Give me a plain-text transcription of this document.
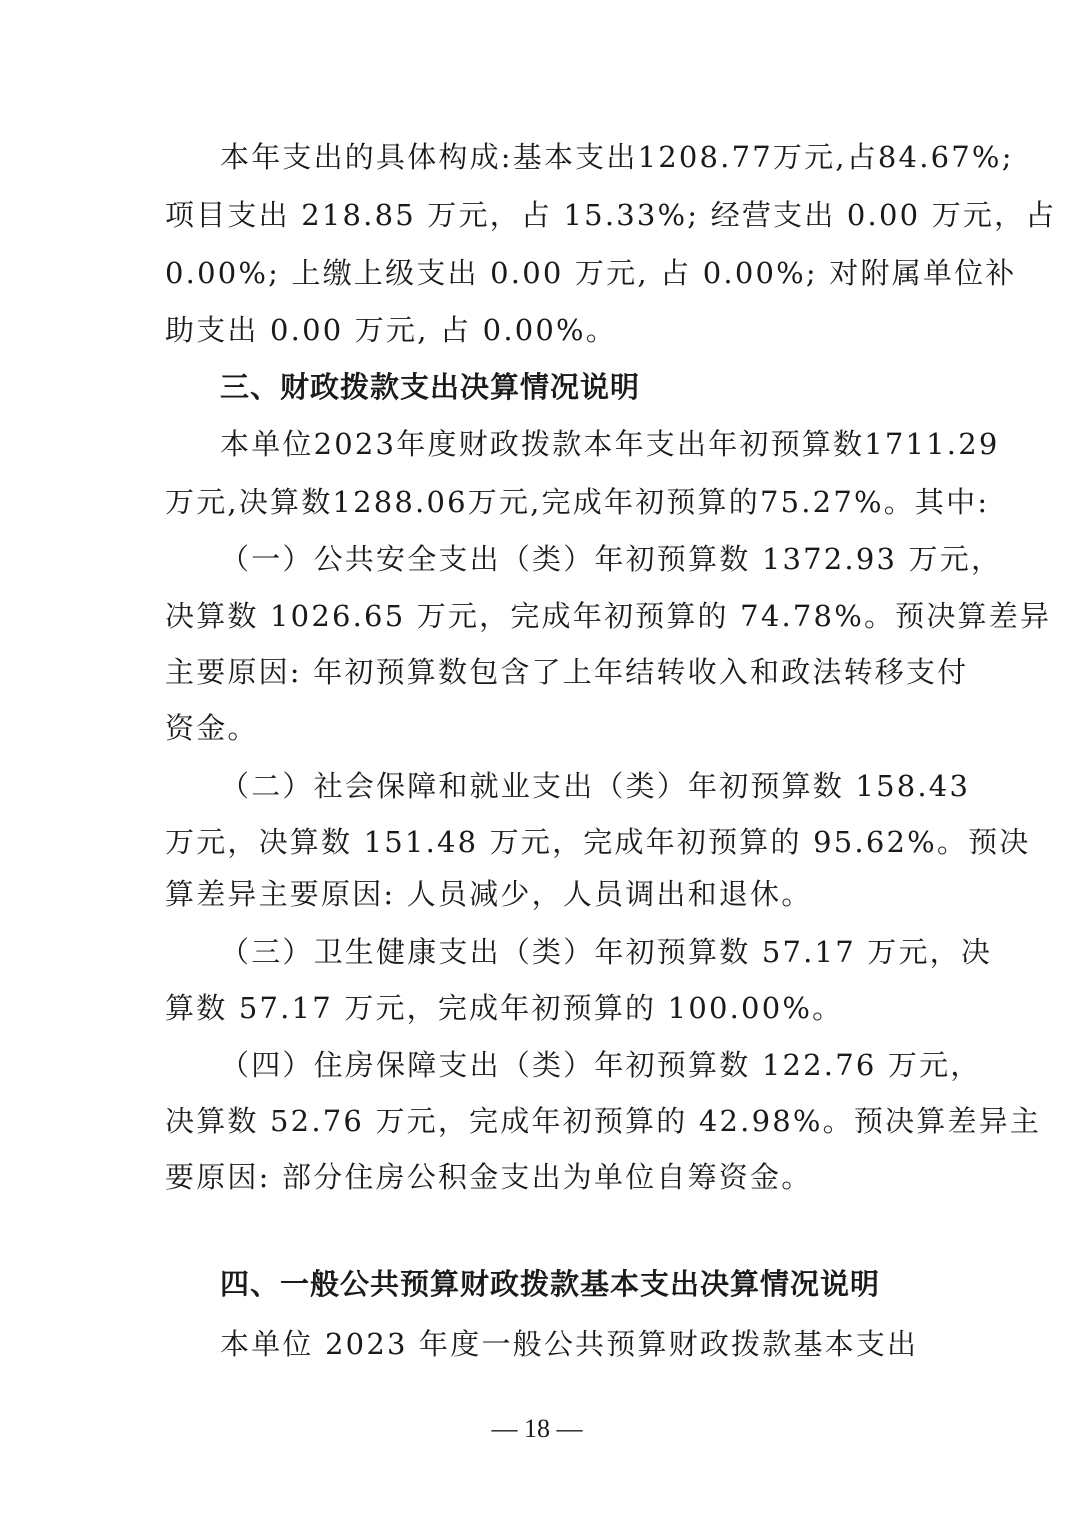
本年支出的具体构成:基本支出1208.77万元,占84.67%;
项目支出 218.85 万元，占 15.33%; 经营支出 0.00 万元，占
0.00%; 上缴上级支出 0.00 万元, 占 0.00%; 对附属单位补
助支出 0.00 万元, 占 0.00%。
三、财政拨款支出决算情况说明
本单位2023年度财政拨款本年支出年初预算数1711.29
万元,决算数1288.06万元,完成年初预算的75.27%。其中:
（一）公共安全支出（类）年初预算数 1372.93 万元，
决算数 1026.65 万元，完成年初预算的 74.78%。预决算差异
主要原因: 年初预算数包含了上年结转收入和政法转移支付
资金。
（二）社会保障和就业支出（类）年初预算数 158.43
万元，决算数 151.48 万元，完成年初预算的 95.62%。预决
算差异主要原因: 人员减少，人员调出和退休。
（三）卫生健康支出（类）年初预算数 57.17 万元，决
算数 57.17 万元，完成年初预算的 100.00%。
（四）住房保障支出（类）年初预算数 122.76 万元，
决算数 52.76 万元，完成年初预算的 42.98%。预决算差异主
要原因: 部分住房公积金支出为单位自筹资金。
四、一般公共预算财政拨款基本支出决算情况说明
本单位 2023 年度一般公共预算财政拨款基本支出
— 18 —
